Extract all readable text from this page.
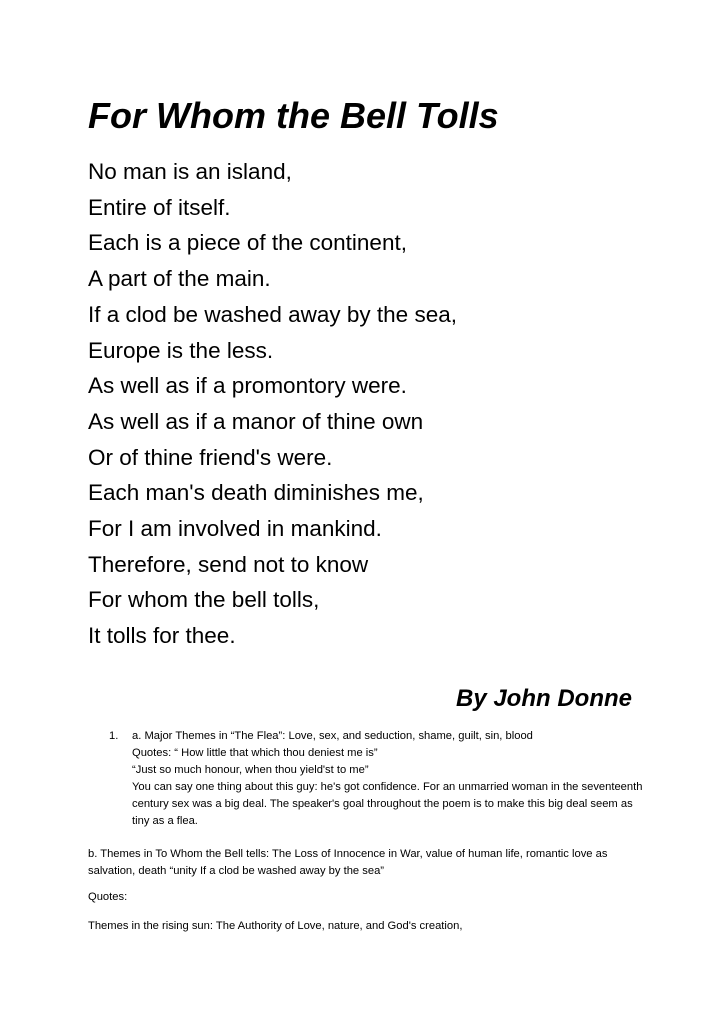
For Whom the Bell Tolls
No man is an island,
Entire of itself.
Each is a piece of the continent,
A part of the main.
If a clod be washed away by the sea,
Europe is the less.
As well as if a promontory were.
As well as if a manor of thine own
Or of thine friend's were.
Each man's death diminishes me,
For I am involved in mankind.
Therefore, send not to know
For whom the bell tolls,
It tolls for thee.

By John Donne

1. a. Major Themes in “The Flea”: Love, sex, and seduction, shame, guilt, sin, blood

Quotes: “ How little that which thou deniest me is”

“Just so much honour, when thou yield'st to me”

You can say one thing about this guy: he's got confidence. For an unmarried woman in the seventeenth century sex was a big deal. The speaker's goal throughout the poem is to make this big deal seem as tiny as a flea.

b. Themes in To Whom the Bell tells: The Loss of Innocence in War, value of human life, romantic love as salvation, death “unity If a clod be washed away by the sea”

Quotes:

Themes in the rising sun: The Authority of Love, nature, and God's creation,
